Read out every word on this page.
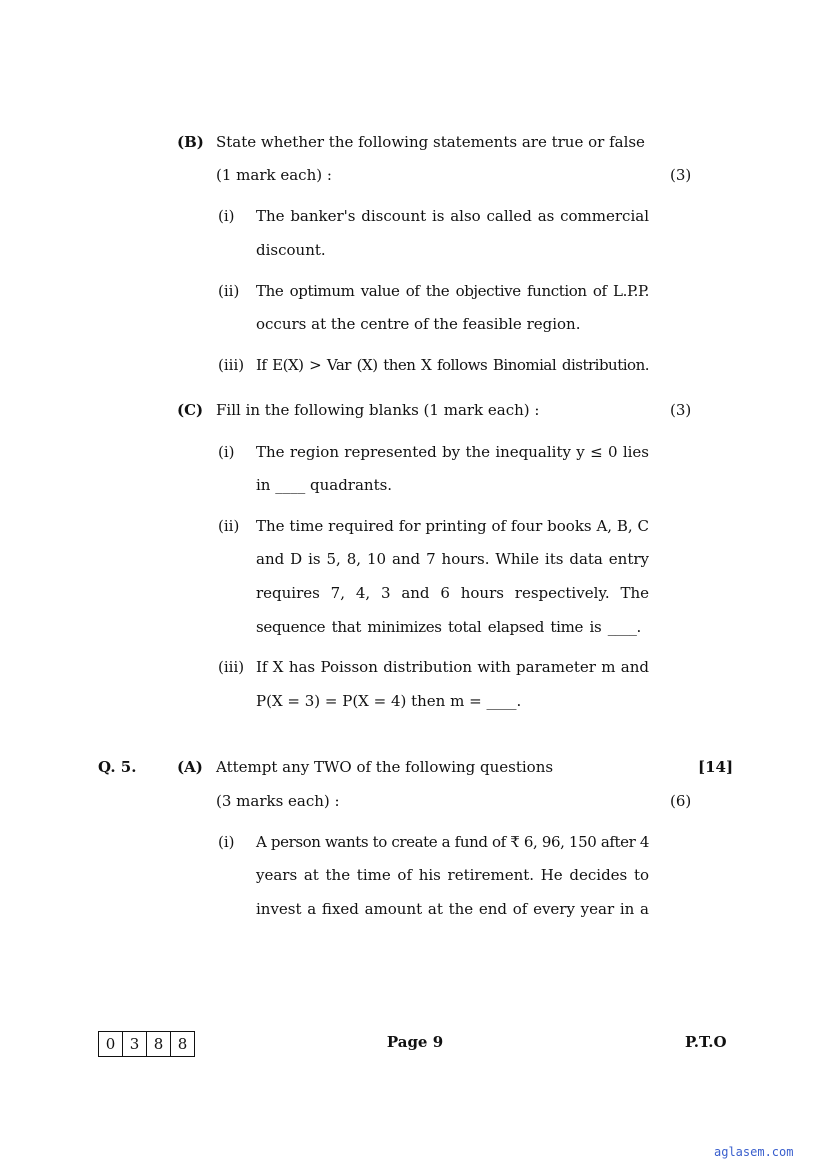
(B) State whether the following statements are true or false
(1 mark each) :	(3)
(i) The banker's discount is also called as commercial
discount.
(ii) The optimum value of the objective function of L.P.P.
occurs at the centre of the feasible region.
(iii) If E(X) > Var (X) then X follows Binomial distribution.
(C) Fill in the following blanks (1 mark each) :	(3)
(i) The region represented by the inequality y ≤ 0 lies
in ____ quadrants.
(ii) The time required for printing of four books A, B, C
and D is 5, 8, 10 and 7 hours. While its data entry
requires 7, 4, 3 and 6 hours respectively. The
sequence that minimizes total elapsed time is ____.
(iii) If X has Poisson distribution with parameter m and
P(X = 3) = P(X = 4) then m = ____.
Q. 5.	(A) Attempt any TWO of the following questions	[14]
(3 marks each) :	(6)
(i) A person wants to create a fund of ₹ 6, 96, 150 after 4
years at the time of his retirement. He decides to
invest a fixed amount at the end of every year in a
0 3 8 8	Page 9	P.T.O
aglasem.com
